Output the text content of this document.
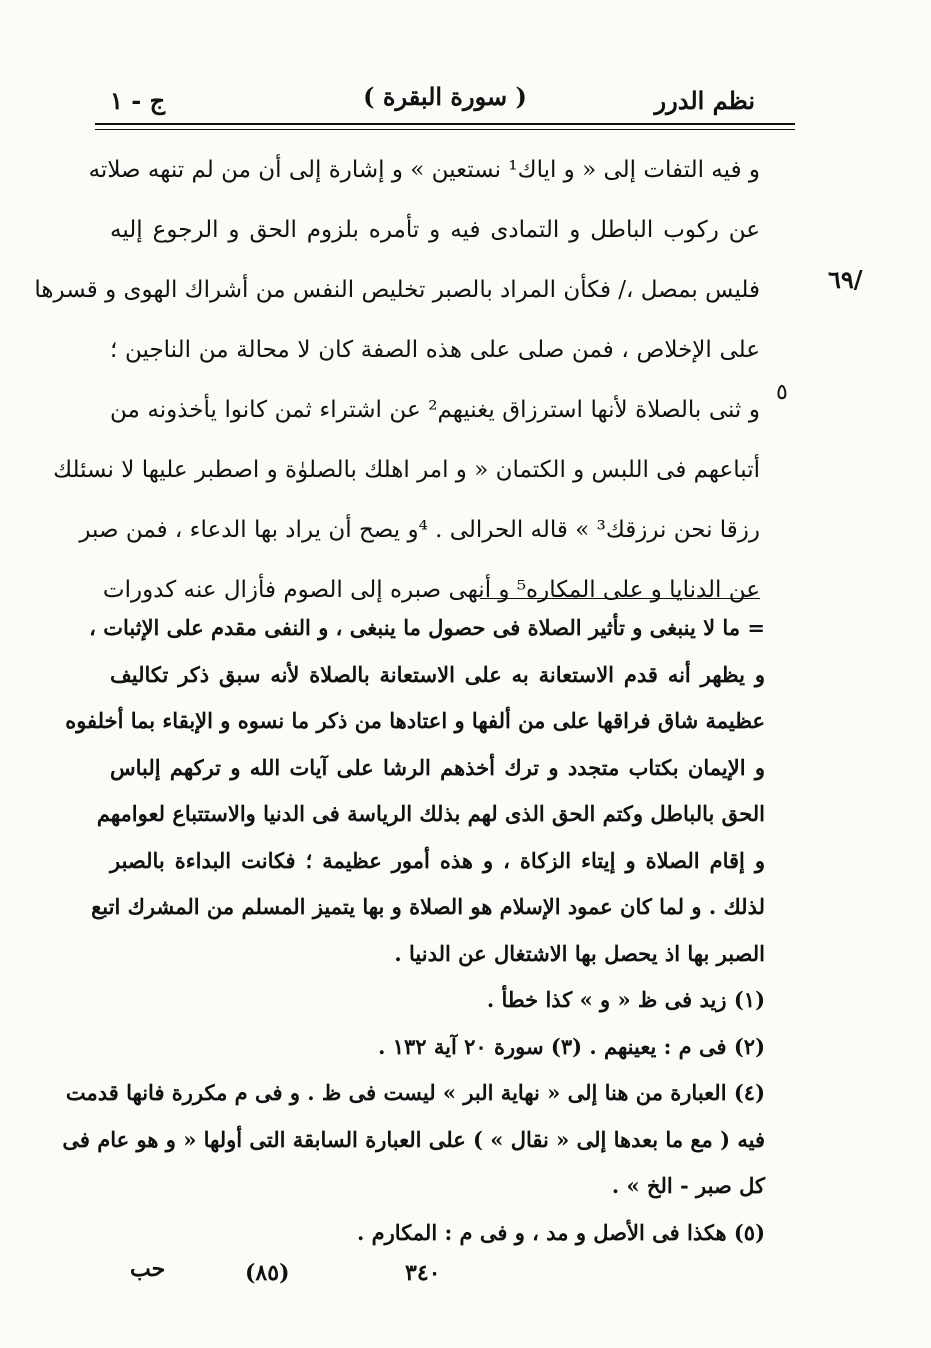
نظم الدرر
( سورة البقرة )
ج - ١
/٦٩
٥
و فيه التفات إلى « و اياك¹ نستعين » و إشارة إلى أن من لم تنهه صلاته
عن ركوب الباطل و التمادى فيه و تأمره بلزوم الحق و الرجوع إليه
فليس بمصل ،/ فكأن المراد بالصبر تخليص النفس من أشراك الهوى و قسرها
على الإخلاص ، فمن صلى على هذه الصفة كان لا محالة من الناجين ؛
و ثنى بالصلاة لأنها استرزاق يغنيهم² عن اشتراء ثمن كانوا يأخذونه من
أتباعهم فى اللبس و الكتمان « و امر اهلك بالصلوٰة و اصطبر عليها لا نسئلك
رزقا نحن نرزقك³ » قاله الحرالى . ⁴و يصح أن يراد بها الدعاء ، فمن صبر
عن الدنايا و على المكاره⁵ و أنهى صبره إلى الصوم فأزال عنه كدورات
= ما لا ينبغى و تأثير الصلاة فى حصول ما ينبغى ، و النفى مقدم على الإثبات ،
و يظهر أنه قدم الاستعانة به على الاستعانة بالصلاة لأنه سبق ذكر تكاليف
عظيمة شاق فراقها على من ألفها و اعتادها من ذكر ما نسوه و الإبقاء بما أخلفوه
و الإيمان بكتاب متجدد و ترك أخذهم الرشا على آيات الله و تركهم إلباس
الحق بالباطل وكتم الحق الذى لهم بذلك الرياسة فى الدنيا والاستتباع لعوامهم
و إقام الصلاة و إيتاء الزكاة ، و هذه أمور عظيمة ؛ فكانت البداءة بالصبر
لذلك . و لما كان عمود الإسلام هو الصلاة و بها يتميز المسلم من المشرك اتبع
الصبر بها اذ يحصل بها الاشتغال عن الدنيا .
(١) زيد فى ظ « و » كذا خطأ .
(٢) فى م : يعينهم . (٣) سورة ٢٠ آية ١٣٢ .
(٤) العبارة من هنا إلى « نهاية البر » ليست فى ظ . و فى م مكررة فانها قدمت
فيه ( مع ما بعدها إلى « نقال » ) على العبارة السابقة التى أولها « و هو عام فى
كل صبر - الخ » .
(٥) هكذا فى الأصل و مد ، و فى م : المكارم .
٣٤٠
(٨٥)
حب
